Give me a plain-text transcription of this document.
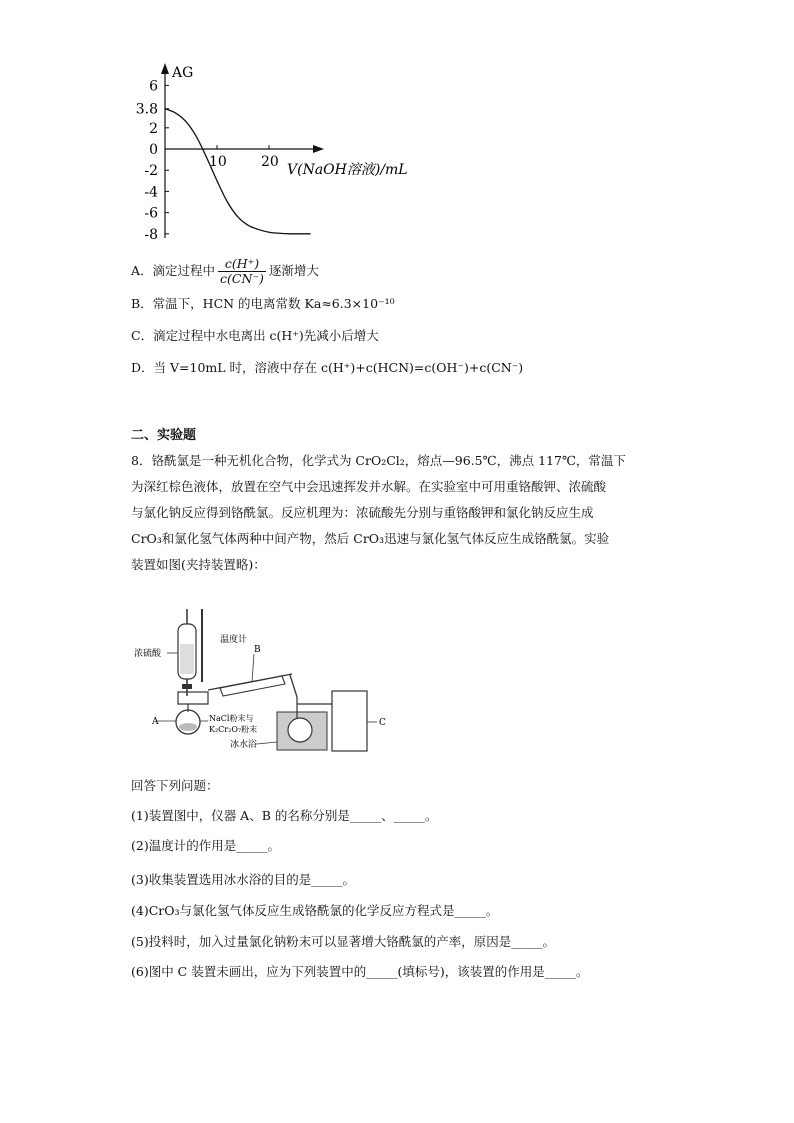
AG
V(NaOH溶液)/mL
6
3.8
2
0
-2
-4
-6
-8
10 20
A．滴定过程中 $\frac{c(H^+)}{c(CN^-)}$ 逐渐增大
B．常温下，HCN 的电离常数 Ka≈6.3×10⁻¹⁰
C．滴定过程中水电离出 c(H⁺)先减小后增大
D．当 V=10mL 时，溶液中存在 c(H⁺)+c(HCN)=c(OH⁻)+c(CN⁻)
二、实验题
8．铬酰氯是一种无机化合物，化学式为 CrO₂Cl₂，熔点—96.5℃，沸点 117℃，常温下
为深红棕色液体，放置在空气中会迅速挥发并水解。在实验室中可用重铬酸钾、浓硫酸
与氯化钠反应得到铬酰氯。反应机理为：浓硫酸先分别与重铬酸钾和氯化钠反应生成
CrO₃和氯化氢气体两种中间产物，然后 CrO₃迅速与氯化氢气体反应生成铬酰氯。实验
装置如图(夹持装置略)：
浓硫酸
温度计
B
A	NaCl粉末与
K₂Cr₂O₇粉末
C
冰水浴
回答下列问题：
(1)装置图中，仪器 A、B 的名称分别是_____、_____。
(2)温度计的作用是_____。
(3)收集装置选用冰水浴的目的是_____。
(4)CrO₃与氯化氢气体反应生成铬酰氯的化学反应方程式是_____。
(5)投料时，加入过量氯化钠粉末可以显著增大铬酰氯的产率，原因是_____。
(6)图中 C 装置未画出，应为下列装置中的_____(填标号)，该装置的作用是_____。
